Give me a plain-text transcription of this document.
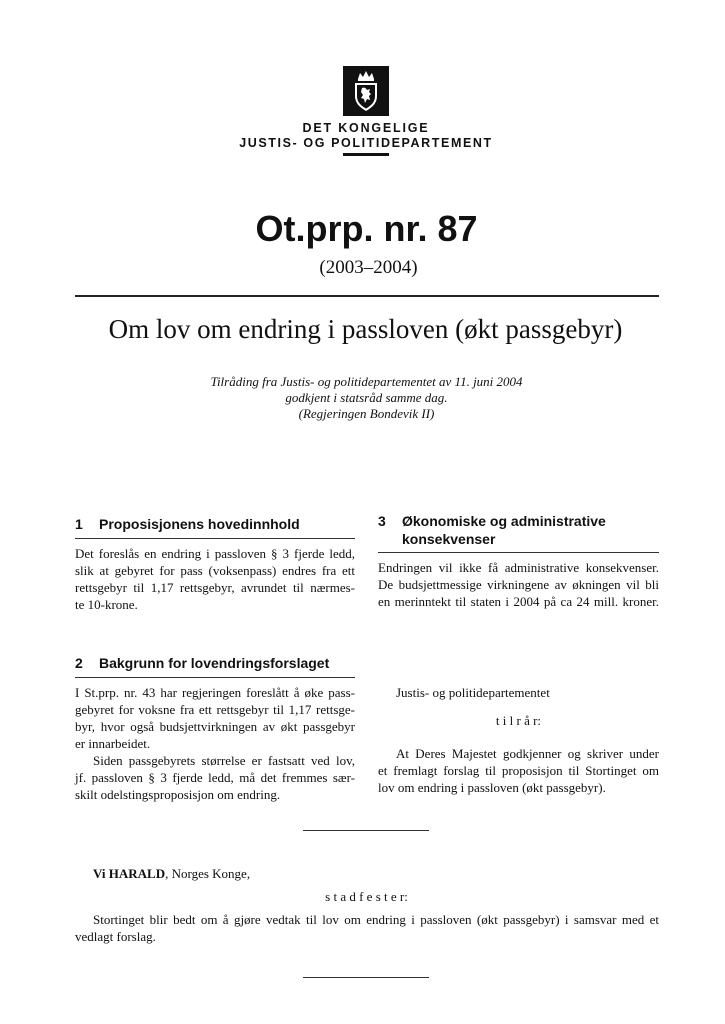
DET KONGELIGE
JUSTIS- OG POLITIDEPARTEMENT
Ot.prp. nr. 87
(2003–2004)
Om lov om endring i passloven (økt passgebyr)
Tilråding fra Justis- og politidepartementet av 11. juni 2004
godkjent i statsråd samme dag.
(Regjeringen Bondevik II)
1 Proposisjonens hovedinnhold
Det foreslås en endring i passloven § 3 fjerde ledd,
slik at gebyret for pass (voksenpass) endres fra ett
rettsgebyr til 1,17 rettsgebyr, avrundet til nærmes-
te 10-krone.
2 Bakgrunn for lovendringsforslaget
I St.prp. nr. 43 har regjeringen foreslått å øke pass-
gebyret for voksne fra ett rettsgebyr til 1,17 rettsge-
byr, hvor også budsjettvirkningen av økt passgebyr
er innarbeidet.
Siden passgebyrets størrelse er fastsatt ved lov,
jf. passloven § 3 fjerde ledd, må det fremmes sær-
skilt odelstingsproposisjon om endring.
3 Økonomiske og administrative
konsekvenser
Endringen vil ikke få administrative konsekvenser.
De budsjettmessige virkningene av økningen vil bli
en merinntekt til staten i 2004 på ca 24 mill. kroner.
Justis- og politidepartementet
t i l r å r:
At Deres Majestet godkjenner og skriver under
et fremlagt forslag til proposisjon til Stortinget om
lov om endring i passloven (økt passgebyr).
Vi HARALD, Norges Konge,
s t a d f e s t e r:
Stortinget blir bedt om å gjøre vedtak til lov om endring i passloven (økt passgebyr) i samsvar med et
vedlagt forslag.
